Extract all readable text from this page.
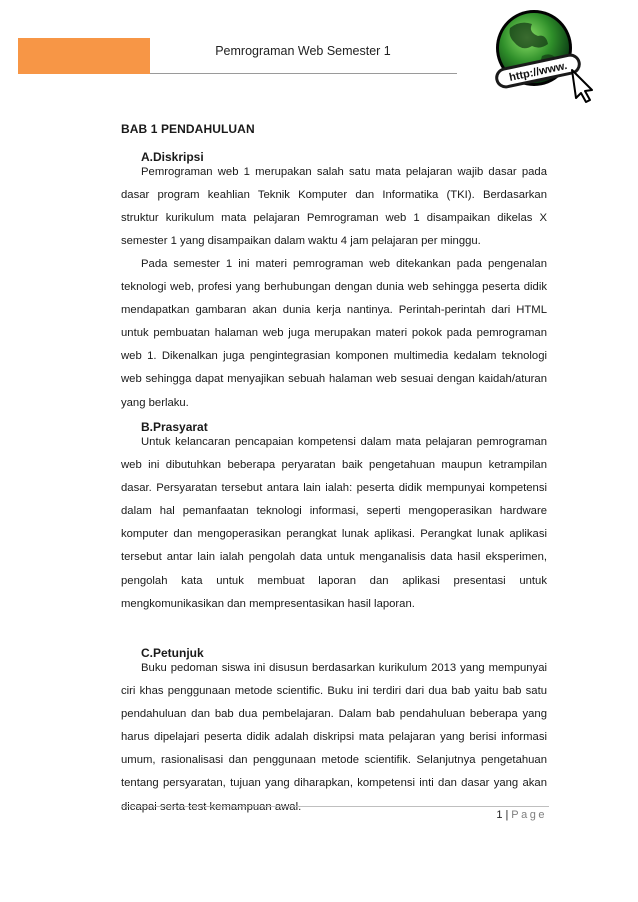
Pemrograman Web Semester 1
http://www.
BAB 1 PENDAHULUAN
A.Diskripsi

Pemrograman web 1 merupakan salah satu mata pelajaran wajib dasar pada dasar program keahlian Teknik Komputer dan Informatika (TKI). Berdasarkan struktur kurikulum mata pelajaran Pemrograman web 1 disampaikan dikelas X semester 1 yang disampaikan dalam waktu 4 jam pelajaran per minggu.

Pada semester 1 ini materi pemrograman web ditekankan pada pengenalan teknologi web, profesi yang berhubungan dengan dunia web sehingga peserta didik mendapatkan gambaran akan dunia kerja nantinya. Perintah-perintah dari HTML untuk pembuatan halaman web juga merupakan materi pokok pada pemrograman web 1. Dikenalkan juga pengintegrasian komponen multimedia kedalam teknologi web sehingga dapat menyajikan sebuah halaman web sesuai dengan kaidah/aturan yang berlaku.

B.Prasyarat

Untuk kelancaran pencapaian kompetensi dalam mata pelajaran pemrograman web ini dibutuhkan beberapa peryaratan baik pengetahuan maupun ketrampilan dasar. Persyaratan tersebut antara lain ialah: peserta didik mempunyai kompetensi dalam hal pemanfaatan teknologi informasi, seperti mengoperasikan hardware komputer dan mengoperasikan perangkat lunak aplikasi. Perangkat lunak aplikasi tersebut antar lain ialah pengolah data untuk menganalisis data hasil eksperimen, pengolah kata untuk membuat laporan dan aplikasi presentasi untuk mengkomunikasikan dan mempresentasikan hasil laporan.

C.Petunjuk

Buku pedoman siswa ini disusun berdasarkan kurikulum 2013 yang mempunyai ciri khas penggunaan metode scientific. Buku ini terdiri dari dua bab yaitu bab satu pendahuluan dan bab dua pembelajaran. Dalam bab pendahuluan beberapa yang harus dipelajari peserta didik adalah diskripsi mata pelajaran yang berisi informasi umum, rasionalisasi dan penggunaan metode scientifik. Selanjutnya pengetahuan tentang persyaratan, tujuan yang diharapkan, kompetensi inti dan dasar yang akan dicapai serta test kemampuan awal.

1 | Page
